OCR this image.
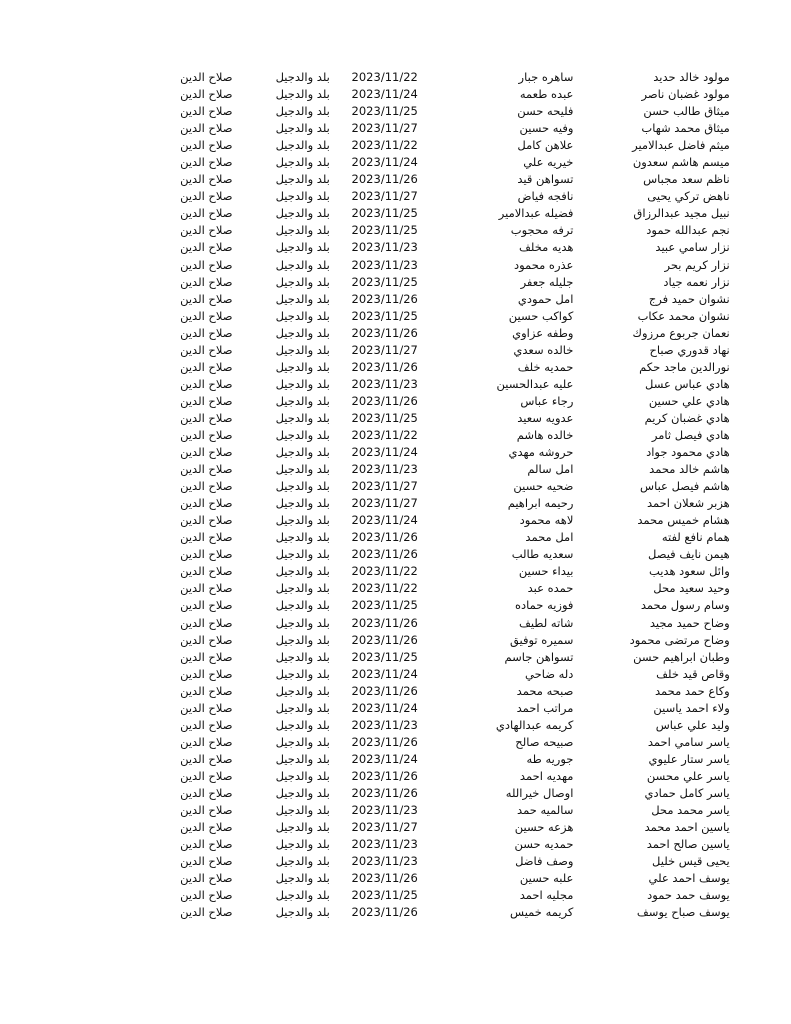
	صلاح الدين		بلد والدجيل		2023/11/22		ساهره جبار		مولود خالد حديد	
	صلاح الدين		بلد والدجيل		2023/11/24		عبده طعمه		مولود غضبان ناصر	
	صلاح الدين		بلد والدجيل		2023/11/25		فليحه حسن		ميثاق طالب حسن	
	صلاح الدين		بلد والدجيل		2023/11/27		وفيه حسين		ميثاق محمد شهاب	
	صلاح الدين		بلد والدجيل		2023/11/22		علاهن كامل		ميثم فاضل عبدالامير	
	صلاح الدين		بلد والدجيل		2023/11/24		خيريه علي		ميسم هاشم سعدون	
	صلاح الدين		بلد والدجيل		2023/11/26		تسواهن قيد		ناظم سعد مجباس	
	صلاح الدين		بلد والدجيل		2023/11/27		نافجه فياض		ناهض تركي يحيى	
	صلاح الدين		بلد والدجيل		2023/11/25		فضيله عبدالامير		نبيل مجيد عبدالرزاق	
	صلاح الدين		بلد والدجيل		2023/11/25		ترفه محجوب		نجم عبدالله حمود	
	صلاح الدين		بلد والدجيل		2023/11/23		هديه مخلف		نزار سامي عبيد	
	صلاح الدين		بلد والدجيل		2023/11/23		عذره محمود		نزار كريم بحر	
	صلاح الدين		بلد والدجيل		2023/11/25		جليله جعفر		نزار نعمه جياد	
	صلاح الدين		بلد والدجيل		2023/11/26		امل حمودي		نشوان حميد فرج	
	صلاح الدين		بلد والدجيل		2023/11/25		كواكب حسين		نشوان محمد عكاب	
	صلاح الدين		بلد والدجيل		2023/11/26		وطفه عزاوي		نعمان جربوع مرزوك	
	صلاح الدين		بلد والدجيل		2023/11/27		خالده سعدي		نهاد قدوري صباح	
	صلاح الدين		بلد والدجيل		2023/11/26		حمديه خلف		نورالدين ماجد حكم	
	صلاح الدين		بلد والدجيل		2023/11/23		عليه عبدالحسين		هادي عباس عسل	
	صلاح الدين		بلد والدجيل		2023/11/26		رجاء عباس		هادي علي حسين	
	صلاح الدين		بلد والدجيل		2023/11/25		عدويه سعيد		هادي غضبان كريم	
	صلاح الدين		بلد والدجيل		2023/11/22		خالده هاشم		هادي فيصل ثامر	
	صلاح الدين		بلد والدجيل		2023/11/24		حروشه مهدي		هادي محمود جواد	
	صلاح الدين		بلد والدجيل		2023/11/23		امل سالم		هاشم خالد محمد	
	صلاح الدين		بلد والدجيل		2023/11/27		ضحيه حسين		هاشم فيصل عباس	
	صلاح الدين		بلد والدجيل		2023/11/27		رحيمه ابراهيم		هزبر شعلان احمد	
	صلاح الدين		بلد والدجيل		2023/11/24		لاهه محمود		هشام خميس محمد	
	صلاح الدين		بلد والدجيل		2023/11/26		امل محمد		همام نافع لفته	
	صلاح الدين		بلد والدجيل		2023/11/26		سعديه طالب		هيمن نايف فيصل	
	صلاح الدين		بلد والدجيل		2023/11/22		بيداء حسين		وائل سعود هديب	
	صلاح الدين		بلد والدجيل		2023/11/22		حمده عبد		وحيد سعيد محل	
	صلاح الدين		بلد والدجيل		2023/11/25		فوزيه حماده		وسام رسول محمد	
	صلاح الدين		بلد والدجيل		2023/11/26		شاته لطيف		وضاح حميد مجيد	
	صلاح الدين		بلد والدجيل		2023/11/26		سميره توفيق		وضاح مرتضى محمود	
	صلاح الدين		بلد والدجيل		2023/11/25		تسواهن جاسم		وطبان ابراهيم حسن	
	صلاح الدين		بلد والدجيل		2023/11/24		دله ضاحي		وقاص قيد خلف	
	صلاح الدين		بلد والدجيل		2023/11/26		صبحه محمد		وكاع حمد محمد	
	صلاح الدين		بلد والدجيل		2023/11/24		مراتب احمد		ولاء احمد ياسين	
	صلاح الدين		بلد والدجيل		2023/11/23		كريمه عبدالهادي		وليد علي عباس	
	صلاح الدين		بلد والدجيل		2023/11/26		صبيحه صالح		ياسر سامي احمد	
	صلاح الدين		بلد والدجيل		2023/11/24		جوريه طه		ياسر ستار عليوي	
	صلاح الدين		بلد والدجيل		2023/11/26		مهديه احمد		ياسر علي محسن	
	صلاح الدين		بلد والدجيل		2023/11/26		اوصال خيرالله		ياسر كامل حمادي	
	صلاح الدين		بلد والدجيل		2023/11/23		سالميه حمد		ياسر محمد محل	
	صلاح الدين		بلد والدجيل		2023/11/27		هزعه حسين		ياسين احمد محمد	
	صلاح الدين		بلد والدجيل		2023/11/23		حمديه حسن		ياسين صالح احمد	
	صلاح الدين		بلد والدجيل		2023/11/23		وصف فاضل		يحيى قيس خليل	
	صلاح الدين		بلد والدجيل		2023/11/26		علبه حسين		يوسف احمد علي	
	صلاح الدين		بلد والدجيل		2023/11/25		مجليه احمد		يوسف حمد حمود	
	صلاح الدين		بلد والدجيل		2023/11/26		كريمه خميس		يوسف صباح يوسف	
